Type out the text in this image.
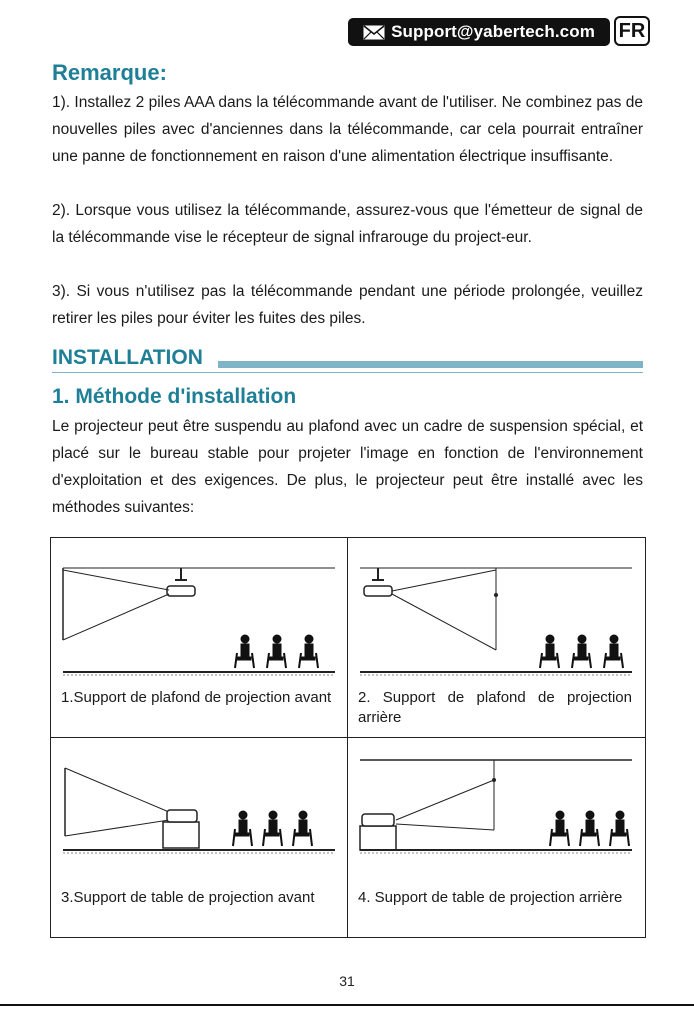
Support@yabertech.com FR
Remarque:

1). Installez 2 piles AAA dans la télécommande avant de l'utiliser. Ne combinez pas de nouvelles piles avec d'anciennes dans la télécommande, car cela pourrait entraîner une panne de fonctionnement en raison d'une alimentation électrique insuffisante.

2). Lorsque vous utilisez la télécommande, assurez-vous que l'émetteur de signal de la télécommande vise le récepteur de signal infrarouge du project-eur.

3). Si vous n'utilisez pas la télécommande pendant une période prolongée, veuillez retirer les piles pour éviter les fuites des piles.

INSTALLATION
1. Méthode d'installation

Le projecteur peut être suspendu au plafond avec un cadre de suspension spécial, et placé sur le bureau stable pour projeter l'image en fonction de l'environnement d'exploitation et des exigences. De plus, le projecteur peut être installé avec les méthodes suivantes:

1.Support de plafond de projection avant 2. Support de plafond de projection arrière

3.Support de table de projection avant	4. Support de table de projection arrière

31
